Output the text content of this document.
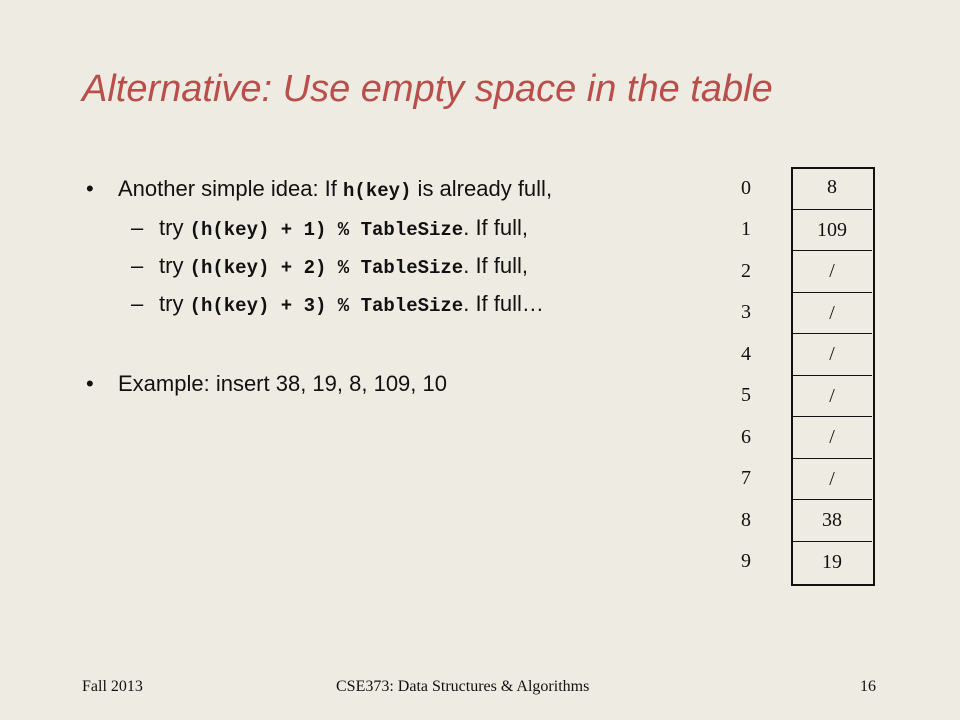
Alternative: Use empty space in the table
• Another simple idea: If h(key) is already full,
– try (h(key) + 1) % TableSize. If full,
– try (h(key) + 2) % TableSize. If full,
– try (h(key) + 3) % TableSize. If full…
• Example: insert 38, 19, 8, 109, 10
0	8
1	109
2	/
3	/
4	/
5	/
6	/
7	/
8	38
9	19
Fall 2013	CSE373: Data Structures & Algorithms	16
